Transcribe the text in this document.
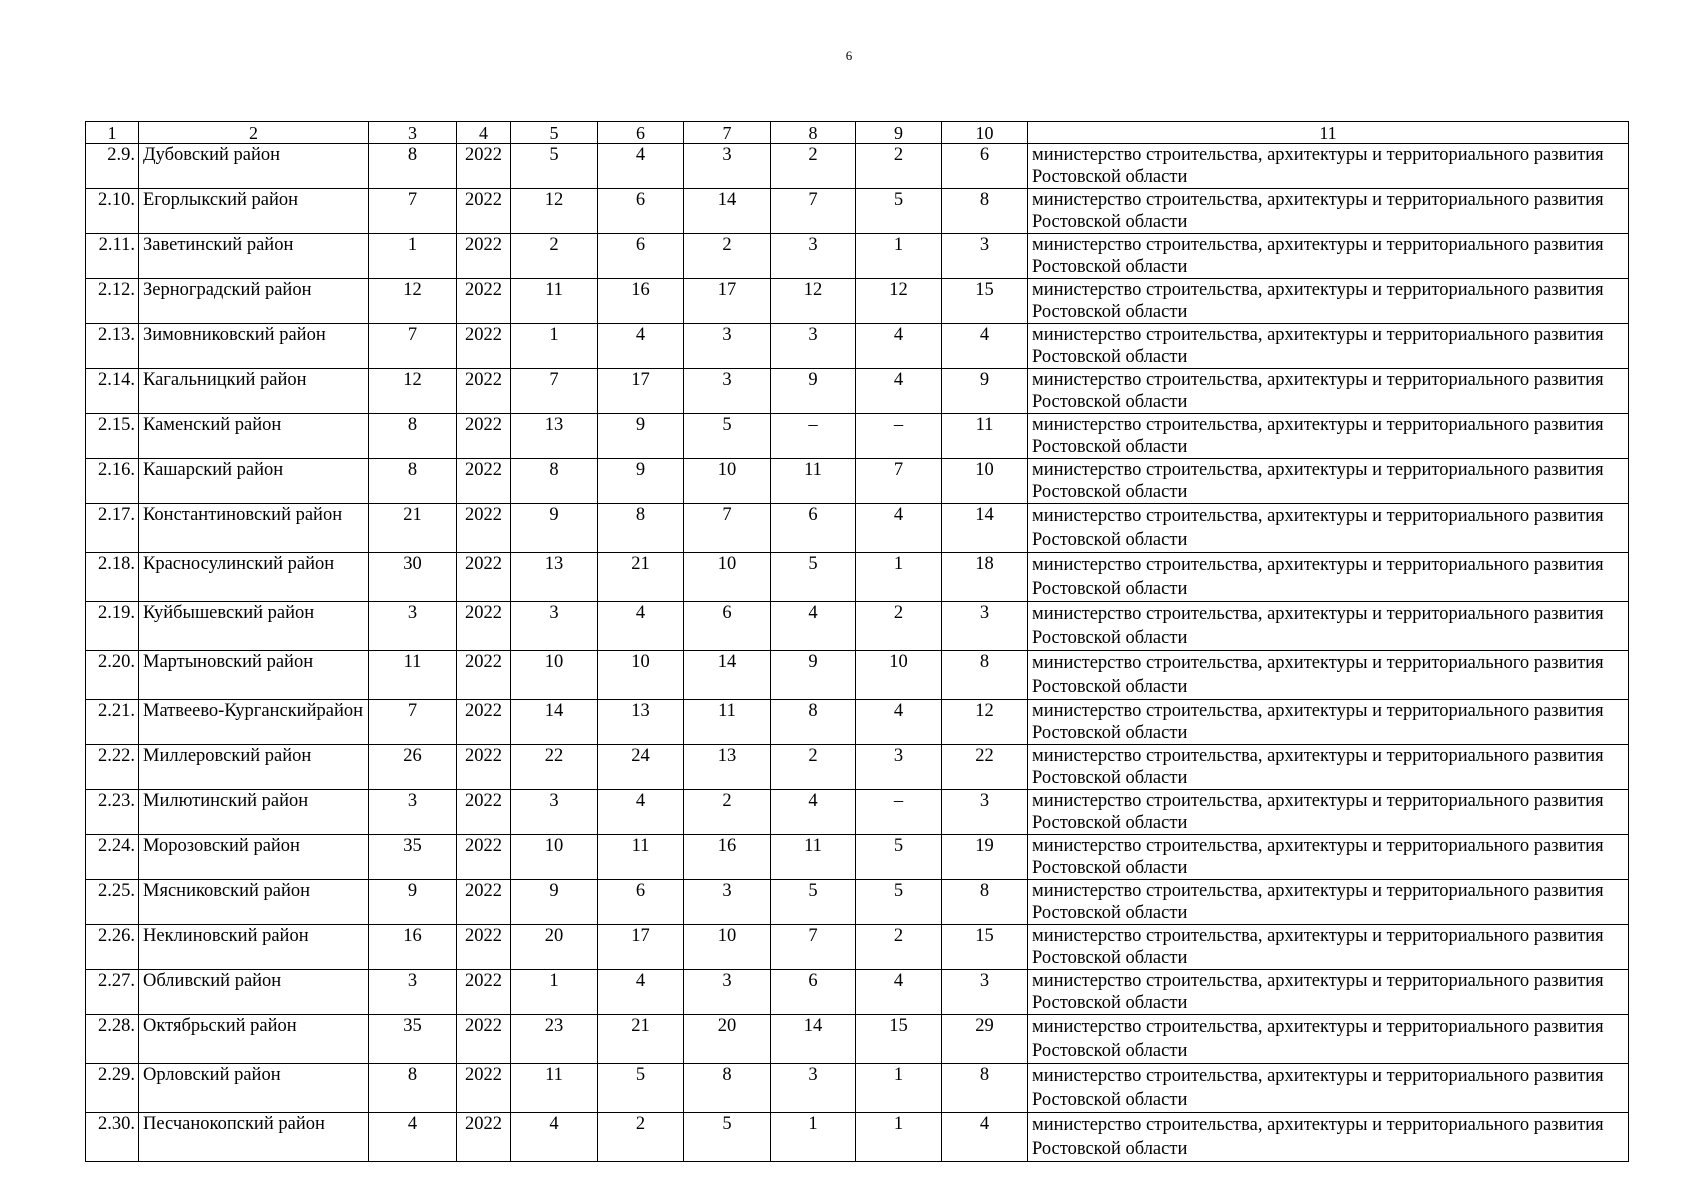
6
1	2	3	4	5	6	7	8	9	10	11
2.9.	Дубовский район	8	2022	5	4	3	2	2	6	министерство строительства, архитектуры и территориального развития Ростовской области
2.10.	Егорлыкский район	7	2022	12	6	14	7	5	8	министерство строительства, архитектуры и территориального развития Ростовской области
2.11.	Заветинский район	1	2022	2	6	2	3	1	3	министерство строительства, архитектуры и территориального развития Ростовской области
2.12.	Зерноградский район	12	2022	11	16	17	12	12	15	министерство строительства, архитектуры и территориального развития Ростовской области
2.13.	Зимовниковский район	7	2022	1	4	3	3	4	4	министерство строительства, архитектуры и территориального развития Ростовской области
2.14.	Кагальницкий район	12	2022	7	17	3	9	4	9	министерство строительства, архитектуры и территориального развития Ростовской области
2.15.	Каменский район	8	2022	13	9	5	–	–	11	министерство строительства, архитектуры и территориального развития Ростовской области
2.16.	Кашарский район	8	2022	8	9	10	11	7	10	министерство строительства, архитектуры и территориального развития Ростовской области
2.17.	Константиновский район	21	2022	9	8	7	6	4	14	министерство строительства, архитектуры и территориального развития Ростовской области
2.18.	Красносулинский район	30	2022	13	21	10	5	1	18	министерство строительства, архитектуры и территориального развития Ростовской области
2.19.	Куйбышевский район	3	2022	3	4	6	4	2	3	министерство строительства, архитектуры и территориального развития Ростовской области
2.20.	Мартыновский район	11	2022	10	10	14	9	10	8	министерство строительства, архитектуры и территориального развития Ростовской области
2.21.	Матвеево-Курганскийрайон	7	2022	14	13	11	8	4	12	министерство строительства, архитектуры и территориального развития Ростовской области
2.22.	Миллеровский район	26	2022	22	24	13	2	3	22	министерство строительства, архитектуры и территориального развития Ростовской области
2.23.	Милютинский район	3	2022	3	4	2	4	–	3	министерство строительства, архитектуры и территориального развития Ростовской области
2.24.	Морозовский район	35	2022	10	11	16	11	5	19	министерство строительства, архитектуры и территориального развития Ростовской области
2.25.	Мясниковский район	9	2022	9	6	3	5	5	8	министерство строительства, архитектуры и территориального развития Ростовской области
2.26.	Неклиновский район	16	2022	20	17	10	7	2	15	министерство строительства, архитектуры и территориального развития Ростовской области
2.27.	Обливский район	3	2022	1	4	3	6	4	3	министерство строительства, архитектуры и территориального развития Ростовской области
2.28.	Октябрьский район	35	2022	23	21	20	14	15	29	министерство строительства, архитектуры и территориального развития Ростовской области
2.29.	Орловский район	8	2022	11	5	8	3	1	8	министерство строительства, архитектуры и территориального развития Ростовской области
2.30.	Песчанокопский район	4	2022	4	2	5	1	1	4	министерство строительства, архитектуры и территориального развития Ростовской области
